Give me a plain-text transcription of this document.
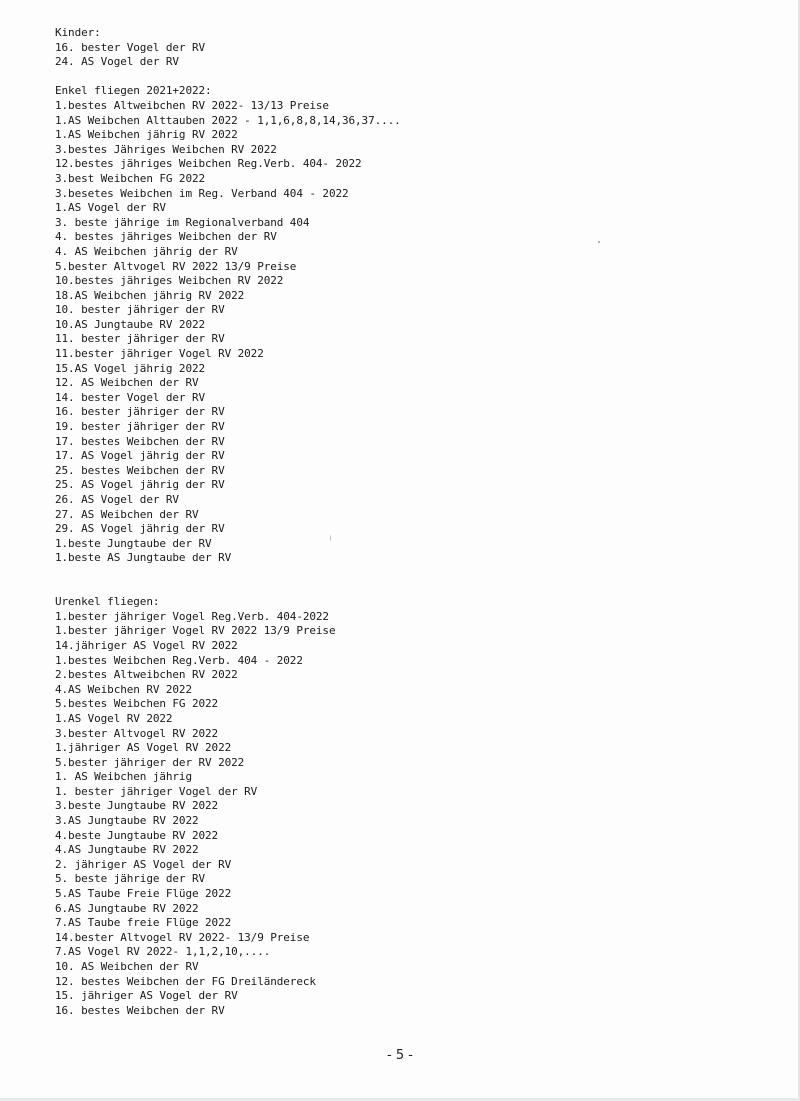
Kinder:
16. bester Vogel der RV
24. AS Vogel der RV
Enkel fliegen 2021+2022:
1.bestes Altweibchen RV 2022- 13/13 Preise
1.AS Weibchen Alttauben 2022 - 1,1,6,8,8,14,36,37....
1.AS Weibchen jährig RV 2022
3.bestes Jähriges Weibchen RV 2022
12.bestes jähriges Weibchen Reg.Verb. 404- 2022
3.best Weibchen FG 2022
3.besetes Weibchen im Reg. Verband 404 - 2022
1.AS Vogel der RV
3. beste jährige im Regionalverband 404
4. bestes jähriges Weibchen der RV
4. AS Weibchen jährig der RV
5.bester Altvogel RV 2022 13/9 Preise
10.bestes jähriges Weibchen RV 2022
18.AS Weibchen jährig RV 2022
10. bester jähriger der RV
10.AS Jungtaube RV 2022
11. bester jähriger der RV
11.bester jähriger Vogel RV 2022
15.AS Vogel jährig 2022
12. AS Weibchen der RV
14. bester Vogel der RV
16. bester jähriger der RV
19. bester jähriger der RV
17. bestes Weibchen der RV
17. AS Vogel jährig der RV
25. bestes Weibchen der RV
25. AS Vogel jährig der RV
26. AS Vogel der RV
27. AS Weibchen der RV
29. AS Vogel jährig der RV
1.beste Jungtaube der RV
1.beste AS Jungtaube der RV
Urenkel fliegen:
1.bester jähriger Vogel Reg.Verb. 404-2022
1.bester jähriger Vogel RV 2022 13/9 Preise
14.jähriger AS Vogel RV 2022
1.bestes Weibchen Reg.Verb. 404 - 2022
2.bestes Altweibchen RV 2022
4.AS Weibchen RV 2022
5.bestes Weibchen FG 2022
1.AS Vogel RV 2022
3.bester Altvogel RV 2022
1.jähriger AS Vogel RV 2022
5.bester jähriger der RV 2022
1. AS Weibchen jährig
1. bester jähriger Vogel der RV
3.beste Jungtaube RV 2022
3.AS Jungtaube RV 2022
4.beste Jungtaube RV 2022
4.AS Jungtaube RV 2022
2. jähriger AS Vogel der RV
5. beste jährige der RV
5.AS Taube Freie Flüge 2022
6.AS Jungtaube RV 2022
7.AS Taube freie Flüge 2022
14.bester Altvogel RV 2022- 13/9 Preise
7.AS Vogel RV 2022- 1,1,2,10,....
10. AS Weibchen der RV
12. bestes Weibchen der FG Dreiländereck
15. jähriger AS Vogel der RV
16. bestes Weibchen der RV
- 5 -
